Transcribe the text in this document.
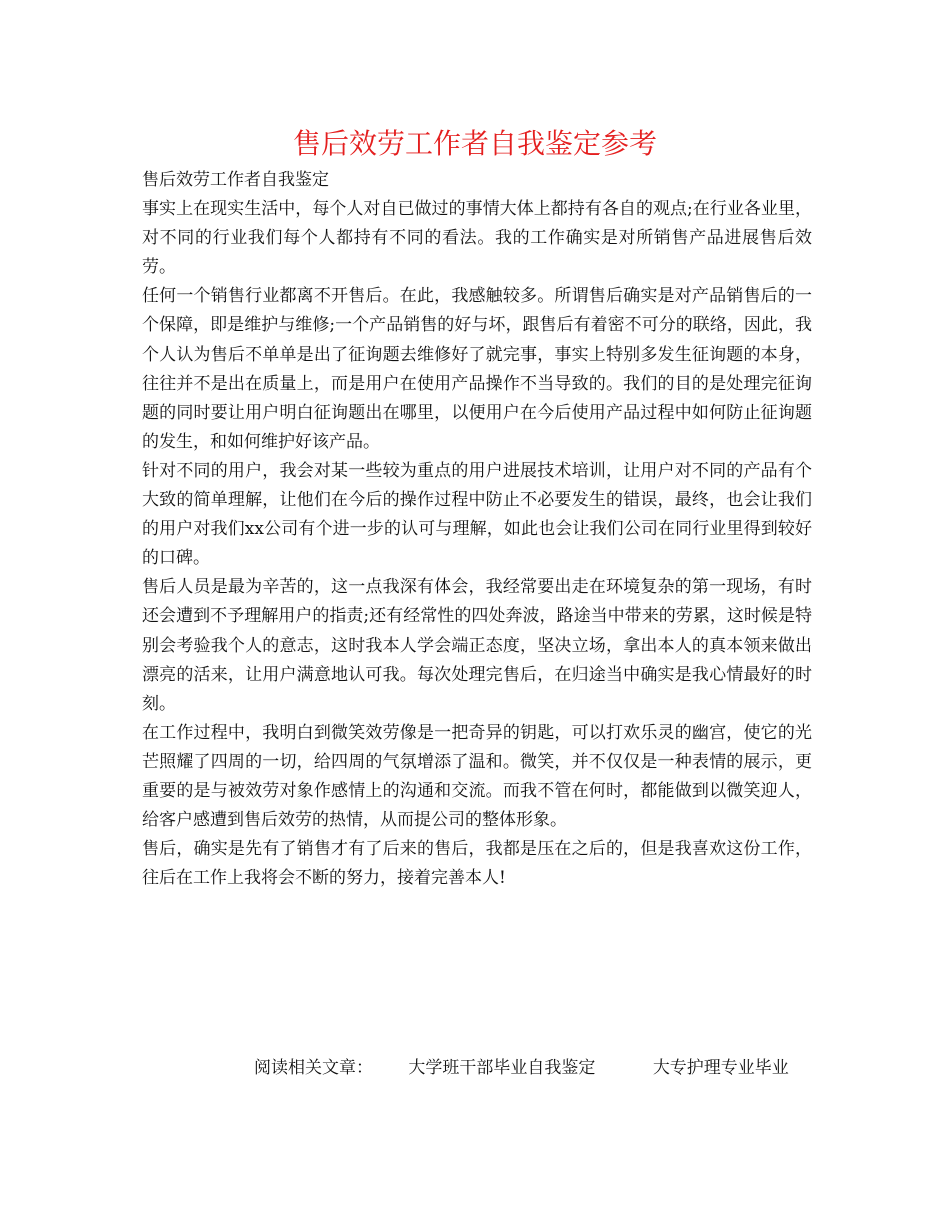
售后效劳工作者自我鉴定参考

售后效劳工作者自我鉴定

事实上在现实生活中，每个人对自已做过的事情大体上都持有各自的观点;在行业各业里，对不同的行业我们每个人都持有不同的看法。我的工作确实是对所销售产品进展售后效劳。

任何一个销售行业都离不开售后。在此，我感触较多。所谓售后确实是对产品销售后的一个保障，即是维护与维修;一个产品销售的好与坏，跟售后有着密不可分的联络，因此，我个人认为售后不单单是出了征询题去维修好了就完事，事实上特别多发生征询题的本身，往往并不是出在质量上，而是用户在使用产品操作不当导致的。我们的目的是处理完征询题的同时要让用户明白征询题出在哪里，以便用户在今后使用产品过程中如何防止征询题的发生，和如何维护好该产品。

针对不同的用户，我会对某一些较为重点的用户进展技术培训，让用户对不同的产品有个大致的简单理解，让他们在今后的操作过程中防止不必要发生的错误，最终，也会让我们的用户对我们xx公司有个进一步的认可与理解，如此也会让我们公司在同行业里得到较好的口碑。

售后人员是最为辛苦的，这一点我深有体会，我经常要出走在环境复杂的第一现场，有时还会遭到不予理解用户的指责;还有经常性的四处奔波，路途当中带来的劳累，这时候是特别会考验我个人的意志，这时我本人学会端正态度，坚决立场，拿出本人的真本领来做出漂亮的活来，让用户满意地认可我。每次处理完售后，在归途当中确实是我心情最好的时刻。

在工作过程中，我明白到微笑效劳像是一把奇异的钥匙，可以打欢乐灵的幽宫，使它的光芒照耀了四周的一切，给四周的气氛增添了温和。微笑，并不仅仅是一种表情的展示，更重要的是与被效劳对象作感情上的沟通和交流。而我不管在何时，都能做到以微笑迎人，给客户感遭到售后效劳的热情，从而提公司的整体形象。

售后，确实是先有了销售才有了后来的售后，我都是压在之后的，但是我喜欢这份工作，往后在工作上我将会不断的努力，接着完善本人!

阅读相关文章： 大学班干部毕业自我鉴定	大专护理专业毕业
